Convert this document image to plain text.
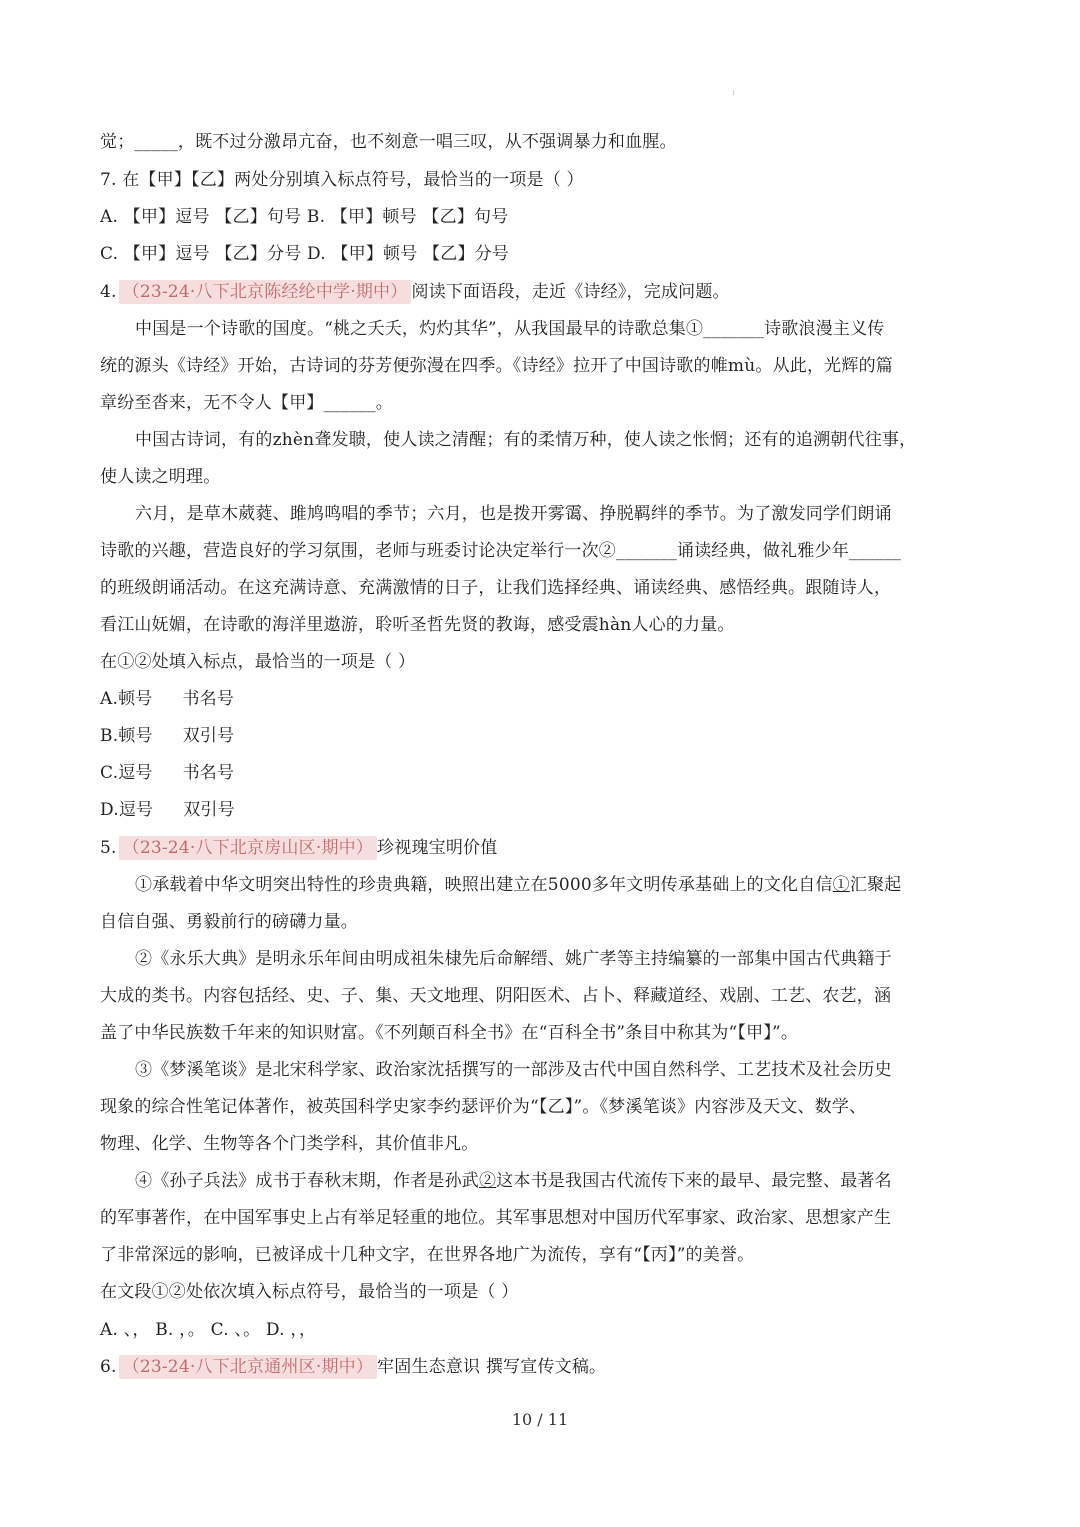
ı
觉；_____，既不过分激昂亢奋，也不刻意一唱三叹，从不强调暴力和血腥。
7. 在【甲】【乙】两处分别填入标点符号，最恰当的一项是（ ）
A. 【甲】逗号 【乙】句号 B. 【甲】顿号 【乙】句号
C. 【甲】逗号 【乙】分号 D. 【甲】顿号 【乙】分号
4. （23-24·八下北京陈经纶中学·期中） 阅读下面语段，走近《诗经》，完成问题。
中国是一个诗歌的国度。“桃之夭夭，灼灼其华”，从我国最早的诗歌总集①_______诗歌浪漫主义传
统的源头《诗经》开始，古诗词的芬芳便弥漫在四季。《诗经》拉开了中国诗歌的帷mù。从此，光辉的篇
章纷至沓来，无不令人【甲】______。
中国古诗词，有的zhèn聋发聩，使人读之清醒；有的柔情万种，使人读之怅惘；还有的追溯朝代往事，
使人读之明理。
六月，是草木葳蕤、雎鸠鸣唱的季节；六月，也是拨开雾霭、挣脱羁绊的季节。为了激发同学们朗诵
诗歌的兴趣，营造良好的学习氛围，老师与班委讨论决定举行一次②_______诵读经典，做礼雅少年______
的班级朗诵活动。在这充满诗意、充满激情的日子，让我们选择经典、诵读经典、感悟经典。跟随诗人，
看江山妩媚，在诗歌的海洋里遨游，聆听圣哲先贤的教诲，感受震hàn人心的力量。
在①②处填入标点，最恰当的一项是（ ）
A.顿号 书名号
B.顿号 双引号
C.逗号 书名号
D.逗号 双引号
5. （23-24·八下北京房山区·期中） 珍视瑰宝明价值
①承载着中华文明突出特性的珍贵典籍，映照出建立在5000多年文明传承基础上的文化自信①汇聚起
自信自强、勇毅前行的磅礴力量。
②《永乐大典》是明永乐年间由明成祖朱棣先后命解缙、姚广孝等主持编纂的一部集中国古代典籍于
大成的类书。内容包括经、史、子、集、天文地理、阴阳医术、占卜、释藏道经、戏剧、工艺、农艺，涵
盖了中华民族数千年来的知识财富。《不列颠百科全书》在“百科全书”条目中称其为“【甲】”。
③《梦溪笔谈》是北宋科学家、政治家沈括撰写的一部涉及古代中国自然科学、工艺技术及社会历史
现象的综合性笔记体著作，被英国科学史家李约瑟评价为“【乙】”。《梦溪笔谈》内容涉及天文、数学、
物理、化学、生物等各个门类学科，其价值非凡。
④《孙子兵法》成书于春秋末期，作者是孙武②这本书是我国古代流传下来的最早、最完整、最著名
的军事著作，在中国军事史上占有举足轻重的地位。其军事思想对中国历代军事家、政治家、思想家产生
了非常深远的影响，已被译成十几种文字，在世界各地广为流传，享有“【丙】”的美誉。
在文段①②处依次填入标点符号，最恰当的一项是（ ）
A. 、， B. ，。 C. 、。 D. ，，
6. （23-24·八下北京通州区·期中） 牢固生态意识 撰写宣传文稿。
10 / 11
